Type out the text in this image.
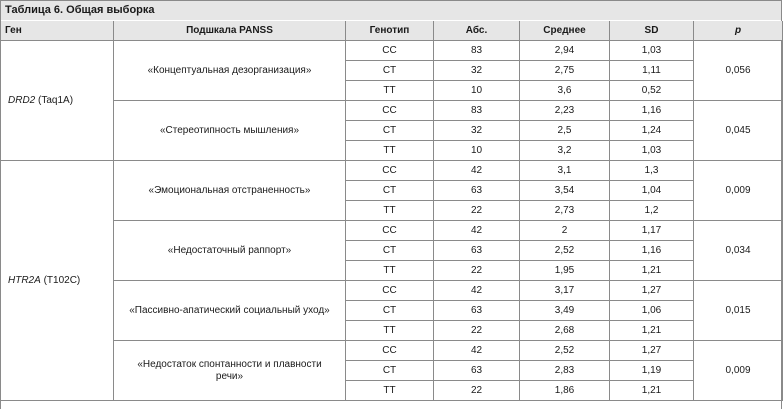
Таблица 6. Общая выборка
Ген	Подшкала PANSS	Генотип	Абс.	Среднее	SD	p
DRD2 (Taq1A)	«Концептуальная дезорганизация»	CC	83	2,94	1,03	0,056
		CT	32	2,75	1,11	
		TT	10	3,6	0,52	
	«Стереотипность мышления»	CC	83	2,23	1,16	0,045
		CT	32	2,5	1,24	
		TT	10	3,2	1,03	
HTR2A (T102C)	«Эмоциональная отстраненность»	CC	42	3,1	1,3	0,009
		CT	63	3,54	1,04	
		TT	22	2,73	1,2	
	«Недостаточный раппорт»	CC	42	2	1,17	0,034
		CT	63	2,52	1,16	
		TT	22	1,95	1,21	
	«Пассивно-апатический социальный уход»	CC	42	3,17	1,27	0,015
		CT	63	3,49	1,06	
		TT	22	2,68	1,21	
	«Недостаток спонтанности и плавности речи»	CC	42	2,52	1,27	0,009
		CT	63	2,83	1,19	
		TT	22	1,86	1,21	
